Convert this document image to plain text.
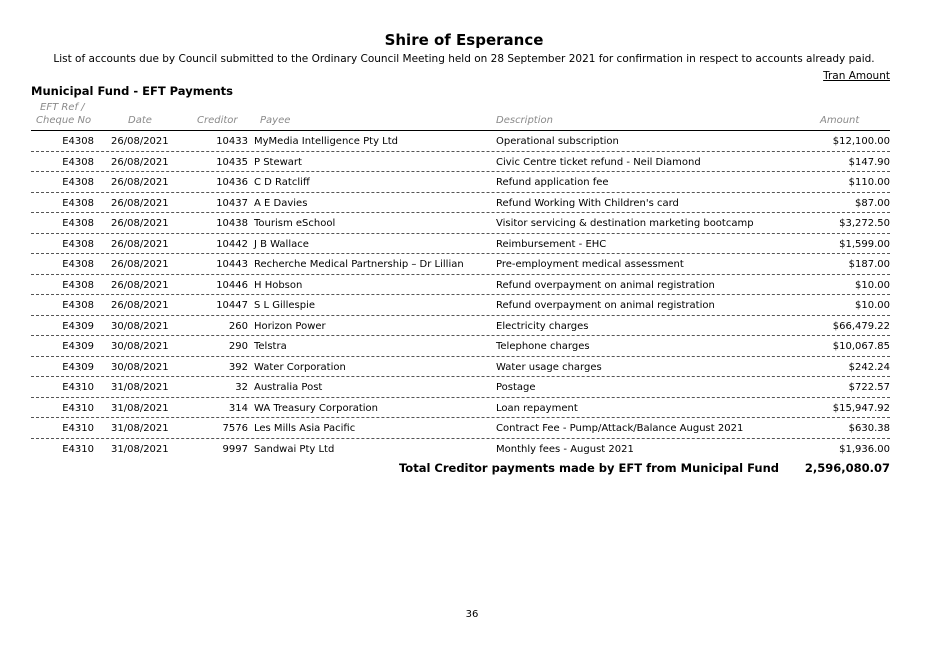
Shire of Esperance
List of accounts due by Council submitted to the Ordinary Council Meeting held on 28 September 2021 for confirmation in respect to accounts already paid.
Tran Amount
Municipal Fund - EFT Payments
EFT Ref /
Cheque No	Date	Creditor Payee	Description	Amount
E4308 26/08/2021	10433 MyMedia Intelligence Pty Ltd	Operational subscription	$12,100.00
E4308 26/08/2021	10435 P Stewart	Civic Centre ticket refund - Neil Diamond	$147.90
E4308 26/08/2021	10436 C D Ratcliff	Refund application fee	$110.00
E4308 26/08/2021	10437 A E Davies	Refund Working With Children's card	$87.00
E4308 26/08/2021	10438 Tourism eSchool	Visitor servicing & destination marketing bootcamp	$3,272.50
E4308 26/08/2021	10442 J B Wallace	Reimbursement - EHC	$1,599.00
E4308 26/08/2021	10443 Recherche Medical Partnership – Dr Lillian	Pre-employment medical assessment	$187.00
E4308 26/08/2021	10446 H Hobson	Refund overpayment on animal registration	$10.00
E4308 26/08/2021	10447 S L Gillespie	Refund overpayment on animal registration	$10.00
E4309 30/08/2021	260 Horizon Power	Electricity charges	$66,479.22
E4309 30/08/2021	290 Telstra	Telephone charges	$10,067.85
E4309 30/08/2021	392 Water Corporation	Water usage charges	$242.24
E4310 31/08/2021	32 Australia Post	Postage	$722.57
E4310 31/08/2021	314 WA Treasury Corporation	Loan repayment	$15,947.92
E4310 31/08/2021	7576 Les Mills Asia Pacific	Contract Fee - Pump/Attack/Balance August 2021	$630.38
E4310 31/08/2021	9997 Sandwai Pty Ltd	Monthly fees - August 2021	$1,936.00
Total Creditor payments made by EFT from Municipal Fund 2,596,080.07
36
